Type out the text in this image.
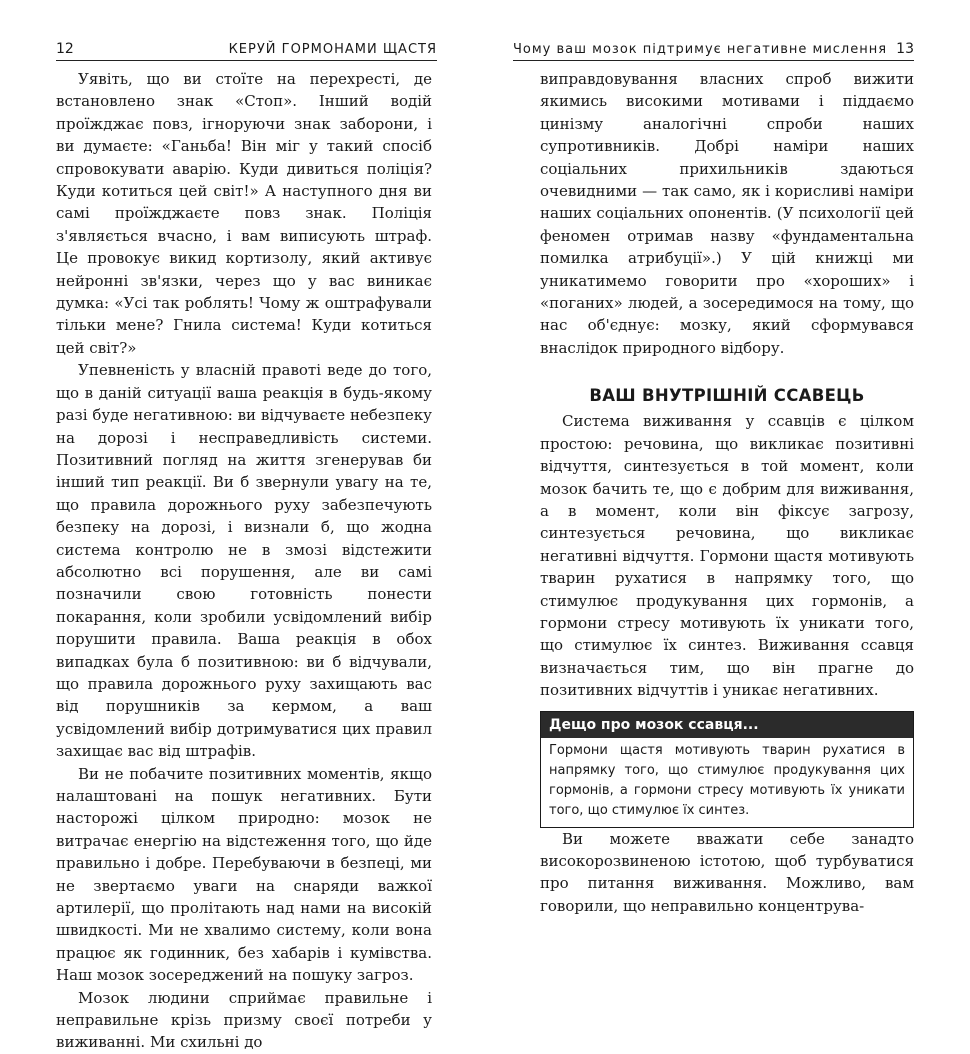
12	КЕРУЙ ГОРМОНАМИ ЩАСТЯ

Уявіть, що ви стоїте на перехресті, де встановлено знак «Стоп». Інший водій проїжджає повз, ігноруючи знак заборони, і ви думаєте: «Ганьба! Він міг у такий спосіб спровокувати аварію. Куди дивиться поліція? Куди котиться цей світ!» А наступного дня ви самі проїжджаєте повз знак. Поліція з'являється вчасно, і вам виписують штраф. Це провокує викид кортизолу, який активує нейронні зв'язки, через що у вас виникає думка: «Усі так роблять! Чому ж оштрафували тільки мене? Гнила система! Куди котиться цей світ?»

Упевненість у власній правоті веде до того, що в даній ситуації ваша реакція в будь-якому разі буде негативною: ви відчуваєте небезпеку на дорозі і несправедливість системи. Позитивний погляд на життя згенерував би інший тип реакції. Ви б звернули увагу на те, що правила дорожнього руху забезпечують безпеку на дорозі, і визнали б, що жодна система контролю не в змозі відстежити абсолютно всі порушення, але ви самі позначили свою готовність понести покарання, коли зробили усвідомлений вибір порушити правила. Ваша реакція в обох випадках була б позитивною: ви б відчували, що правила дорожнього руху захищають вас від порушників за кермом, а ваш усвідомлений вибір дотримуватися цих правил захищає вас від штрафів.

Ви не побачите позитивних моментів, якщо налаштовані на пошук негативних. Бути насторожі цілком природно: мозок не витрачає енергію на відстеження того, що йде правильно і добре. Перебуваючи в безпеці, ми не звертаємо уваги на снаряди важкої артилерії, що пролітають над нами на високій швидкості. Ми не хвалимо систему, коли вона працює як годинник, без хабарів і кумівства. Наш мозок зосереджений на пошуку загроз.

Мозок людини сприймає правильне і неправильне крізь призму своєї потреби у виживанні. Ми схильні до

Чому ваш мозок підтримує негативне мислення 13

виправдовування власних спроб вижити якимись високими мотивами і піддаємо цинізму аналогічні спроби наших супротивників. Добрі наміри наших соціальних прихильників здаються очевидними — так само, як і корисливі наміри наших соціальних опонентів. (У психології цей феномен отримав назву «фундаментальна помилка атрибуції».) У цій книжці ми уникатимемо говорити про «хороших» і «поганих» людей, а зосередимося на тому, що нас об'єднує: мозку, який сформувався внаслідок природного відбору.

ВАШ ВНУТРІШНІЙ ССАВЕЦЬ

Система виживання у ссавців є цілком простою: речовина, що викликає позитивні відчуття, синтезується в той момент, коли мозок бачить те, що є добрим для виживання, а в момент, коли він фіксує загрозу, синтезується речовина, що викликає негативні відчуття. Гормони щастя мотивують тварин рухатися в напрямку того, що стимулює продукування цих гормонів, а гормони стресу мотивують їх уникати того, що стимулює їх синтез. Виживання ссавця визначається тим, що він прагне до позитивних відчуттів і уникає негативних.

Дещо про мозок ссавця...
Гормони щастя мотивують тварин рухатися в напрямку того, що стимулює продукування цих гормонів, а гормони стресу мотивують їх уникати того, що стимулює їх синтез.

Ви можете вважати себе занадто високорозвиненою істотою, щоб турбуватися про питання виживання. Можливо, вам говорили, що неправильно концентрува-
